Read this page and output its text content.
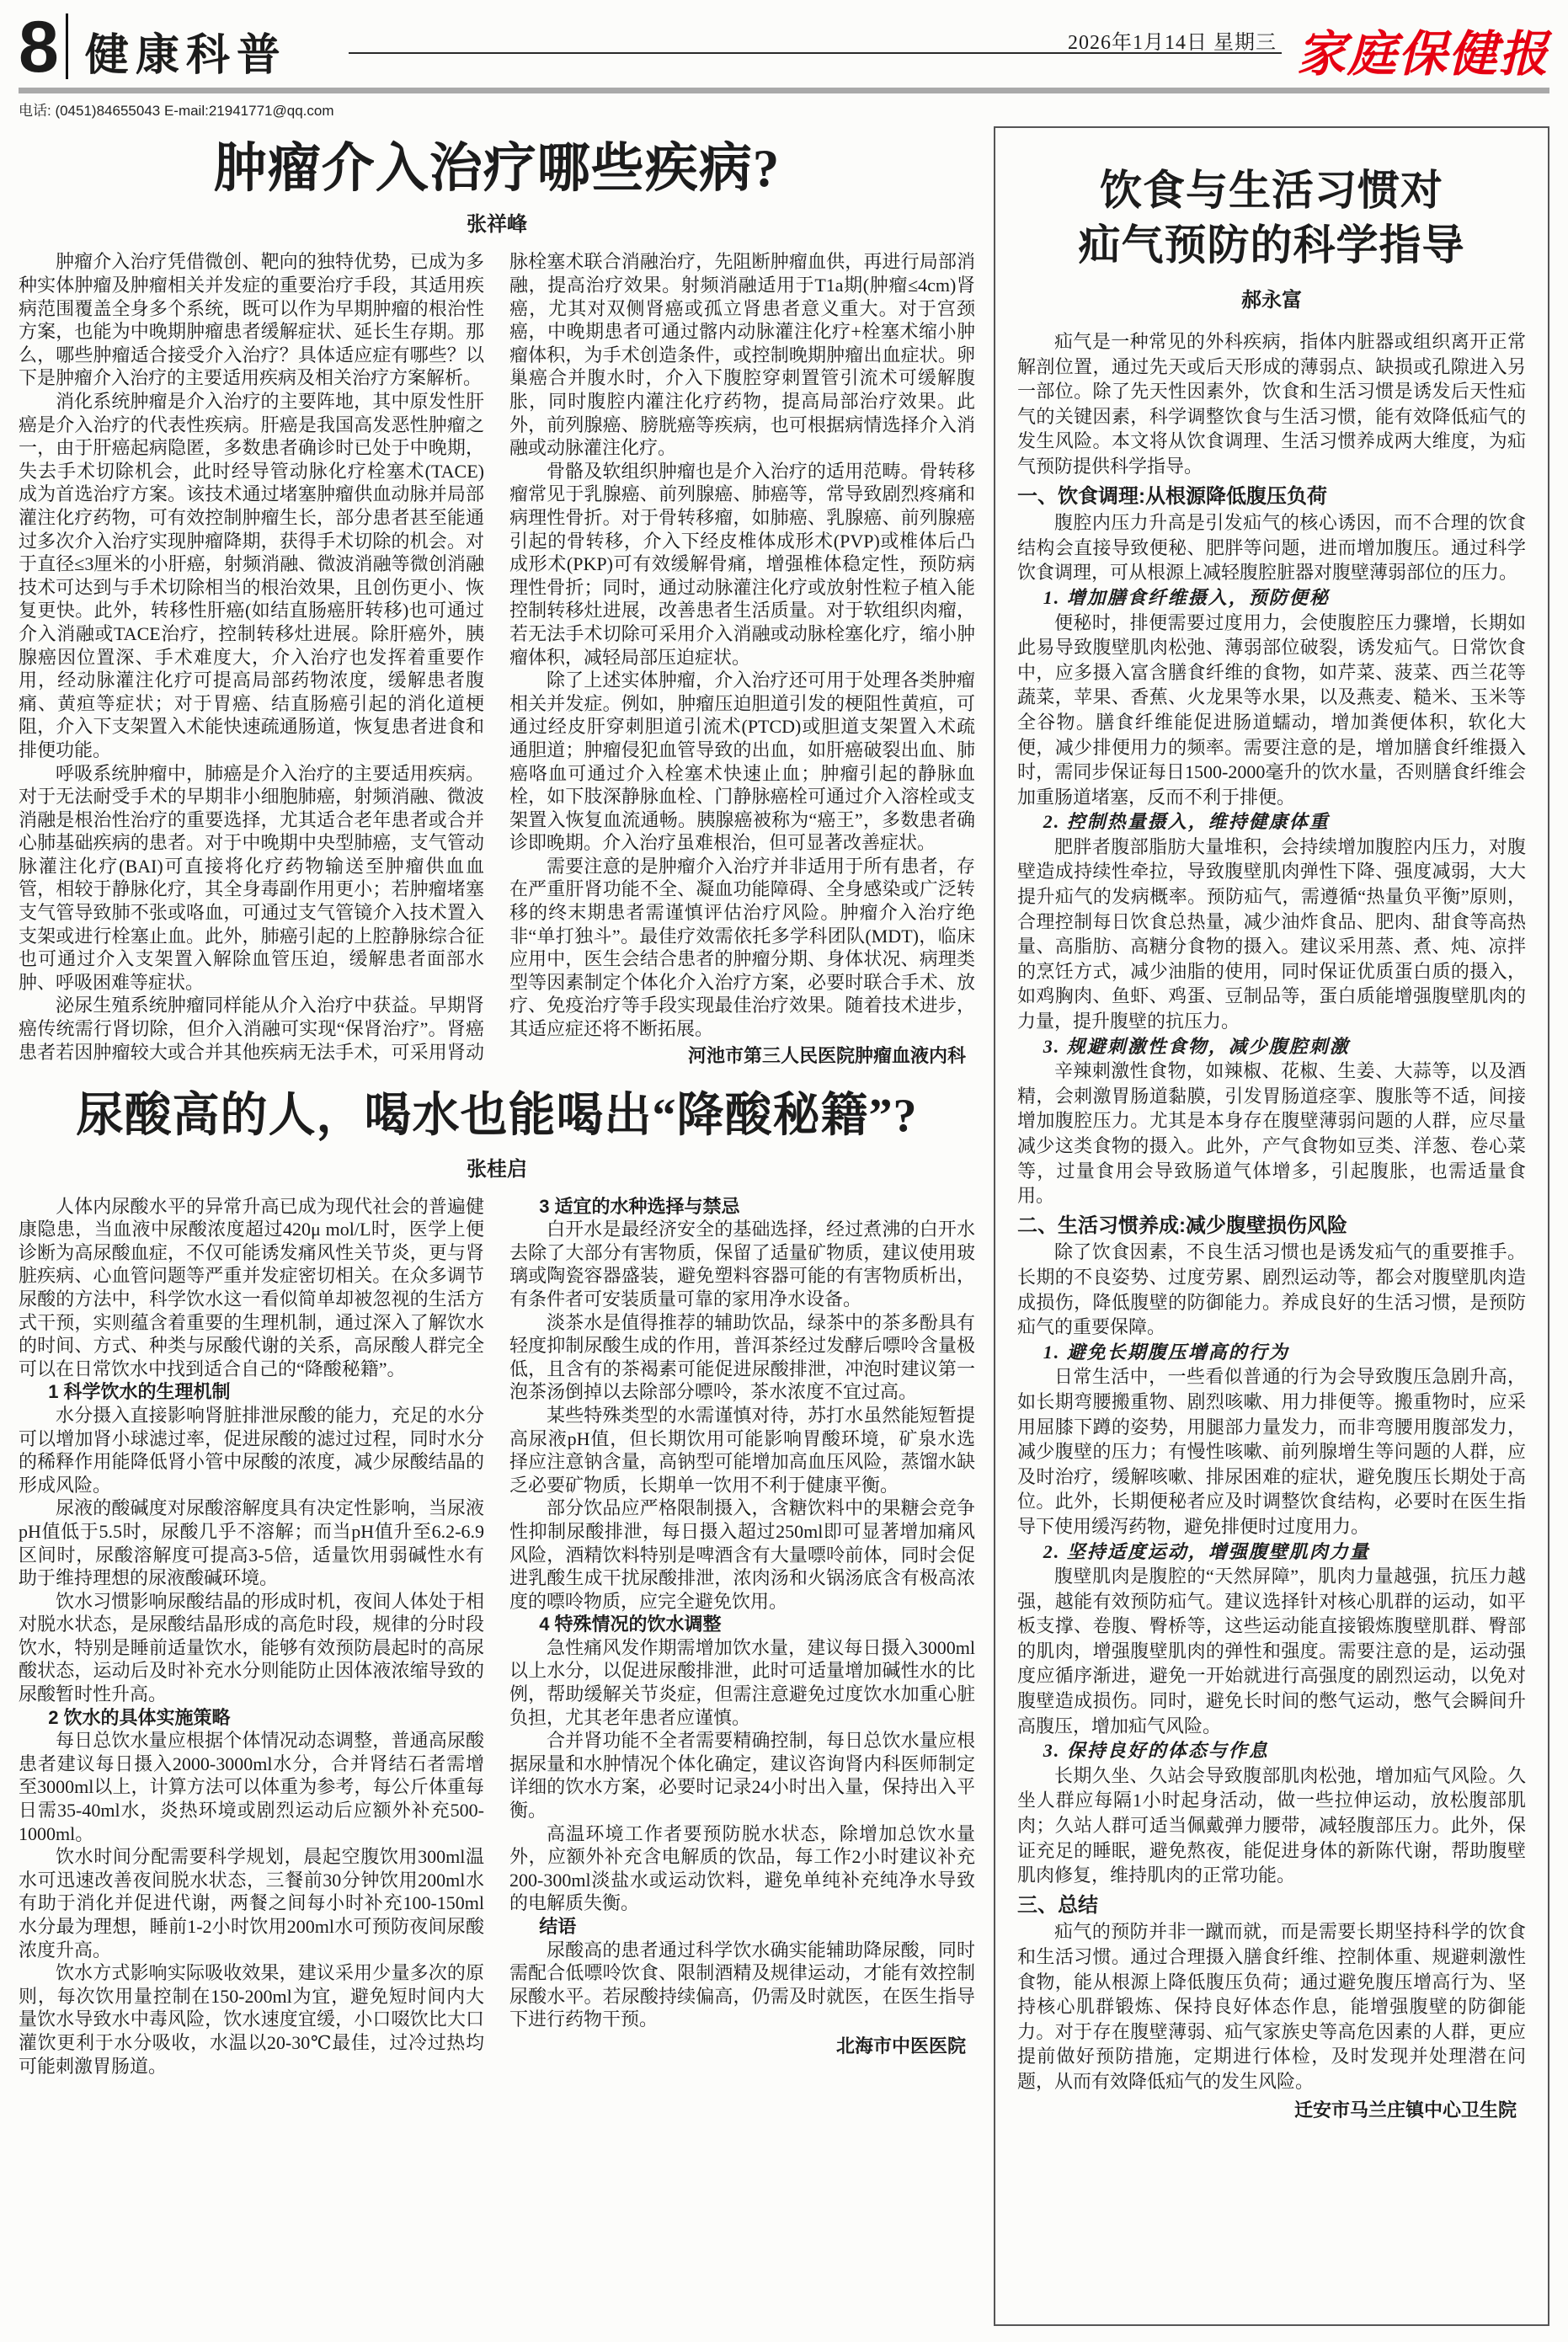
8 健康科普	2026年1月14日 星期三 家庭保健报
电话: (0451)84655043 E-mail:21941771@qq.com
肿瘤介入治疗哪些疾病?
张祥峰

肿瘤介入治疗凭借微创、靶向的独特优势，已成为多种实体肿瘤及肿瘤相关并发症的重要治疗手段，其适用疾病范围覆盖全身多个系统，既可以作为早期肿瘤的根治性方案，也能为中晚期肿瘤患者缓解症状、延长生存期。那么，哪些肿瘤适合接受介入治疗？具体适应症有哪些？以下是肿瘤介入治疗的主要适用疾病及相关治疗方案解析。

消化系统肿瘤是介入治疗的主要阵地，其中原发性肝癌是介入治疗的代表性疾病。肝癌是我国高发恶性肿瘤之一，由于肝癌起病隐匿，多数患者确诊时已处于中晚期，失去手术切除机会，此时经导管动脉化疗栓塞术(TACE)成为首选治疗方案。该技术通过堵塞肿瘤供血动脉并局部灌注化疗药物，可有效控制肿瘤生长，部分患者甚至能通过多次介入治疗实现肿瘤降期，获得手术切除的机会。对于直径≤3厘米的小肝癌，射频消融、微波消融等微创消融技术可达到与手术切除相当的根治效果，且创伤更小、恢复更快。此外，转移性肝癌(如结直肠癌肝转移)也可通过介入消融或TACE治疗，控制转移灶进展。除肝癌外，胰腺癌因位置深、手术难度大，介入治疗也发挥着重要作用，经动脉灌注化疗可提高局部药物浓度，缓解患者腹痛、黄疸等症状；对于胃癌、结直肠癌引起的消化道梗阻，介入下支架置入术能快速疏通肠道，恢复患者进食和排便功能。

呼吸系统肿瘤中，肺癌是介入治疗的主要适用疾病。对于无法耐受手术的早期非小细胞肺癌，射频消融、微波消融是根治性治疗的重要选择，尤其适合老年患者或合并心肺基础疾病的患者。对于中晚期中央型肺癌，支气管动脉灌注化疗(BAI)可直接将化疗药物输送至肿瘤供血血管，相较于静脉化疗，其全身毒副作用更小；若肿瘤堵塞支气管导致肺不张或咯血，可通过支气管镜介入技术置入支架或进行栓塞止血。此外，肺癌引起的上腔静脉综合征也可通过介入支架置入解除血管压迫，缓解患者面部水肿、呼吸困难等症状。

泌尿生殖系统肿瘤同样能从介入治疗中获益。早期肾癌传统需行肾切除，但介入消融可实现“保肾治疗”。肾癌患者若因肿瘤较大或合并其他疾病无法手术，可采用肾动脉栓塞术联合消融治疗，先阻断肿瘤血供，再进行局部消融，提高治疗效果。射频消融适用于T1a期(肿瘤≤4cm)肾癌，尤其对双侧肾癌或孤立肾患者意义重大。对于宫颈癌，中晚期患者可通过髂内动脉灌注化疗+栓塞术缩小肿瘤体积，为手术创造条件，或控制晚期肿瘤出血症状。卵巢癌合并腹水时，介入下腹腔穿刺置管引流术可缓解腹胀，同时腹腔内灌注化疗药物，提高局部治疗效果。此外，前列腺癌、膀胱癌等疾病，也可根据病情选择介入消融或动脉灌注化疗。

骨骼及软组织肿瘤也是介入治疗的适用范畴。骨转移瘤常见于乳腺癌、前列腺癌、肺癌等，常导致剧烈疼痛和病理性骨折。对于骨转移瘤，如肺癌、乳腺癌、前列腺癌引起的骨转移，介入下经皮椎体成形术(PVP)或椎体后凸成形术(PKP)可有效缓解骨痛，增强椎体稳定性，预防病理性骨折；同时，通过动脉灌注化疗或放射性粒子植入能控制转移灶进展，改善患者生活质量。对于软组织肉瘤，若无法手术切除可采用介入消融或动脉栓塞化疗，缩小肿瘤体积，减轻局部压迫症状。

除了上述实体肿瘤，介入治疗还可用于处理各类肿瘤相关并发症。例如，肿瘤压迫胆道引发的梗阻性黄疸，可通过经皮肝穿刺胆道引流术(PTCD)或胆道支架置入术疏通胆道；肿瘤侵犯血管导致的出血，如肝癌破裂出血、肺癌咯血可通过介入栓塞术快速止血；肿瘤引起的静脉血栓，如下肢深静脉血栓、门静脉癌栓可通过介入溶栓或支架置入恢复血流通畅。胰腺癌被称为“癌王”，多数患者确诊即晚期。介入治疗虽难根治，但可显著改善症状。

需要注意的是肿瘤介入治疗并非适用于所有患者，存在严重肝肾功能不全、凝血功能障碍、全身感染或广泛转移的终末期患者需谨慎评估治疗风险。肿瘤介入治疗绝非“单打独斗”。最佳疗效需依托多学科团队(MDT)，临床应用中，医生会结合患者的肿瘤分期、身体状况、病理类型等因素制定个体化介入治疗方案，必要时联合手术、放疗、免疫治疗等手段实现最佳治疗效果。随着技术进步，其适应症还将不断拓展。

河池市第三人民医院肿瘤血液内科

尿酸高的人，喝水也能喝出“降酸秘籍”?
张桂启

人体内尿酸水平的异常升高已成为现代社会的普遍健康隐患，当血液中尿酸浓度超过420μ mol/L时，医学上便诊断为高尿酸血症，不仅可能诱发痛风性关节炎，更与肾脏疾病、心血管问题等严重并发症密切相关。在众多调节尿酸的方法中，科学饮水这一看似简单却被忽视的生活方式干预，实则蕴含着重要的生理机制，通过深入了解饮水的时间、方式、种类与尿酸代谢的关系，高尿酸人群完全可以在日常饮水中找到适合自己的“降酸秘籍”。

1 科学饮水的生理机制

水分摄入直接影响肾脏排泄尿酸的能力，充足的水分可以增加肾小球滤过率，促进尿酸的滤过过程，同时水分的稀释作用能降低肾小管中尿酸的浓度，减少尿酸结晶的形成风险。

尿液的酸碱度对尿酸溶解度具有决定性影响，当尿液pH值低于5.5时，尿酸几乎不溶解；而当pH值升至6.2-6.9区间时，尿酸溶解度可提高3-5倍，适量饮用弱碱性水有助于维持理想的尿液酸碱环境。

饮水习惯影响尿酸结晶的形成时机，夜间人体处于相对脱水状态，是尿酸结晶形成的高危时段，规律的分时段饮水，特别是睡前适量饮水，能够有效预防晨起时的高尿酸状态，运动后及时补充水分则能防止因体液浓缩导致的尿酸暂时性升高。

2 饮水的具体实施策略

每日总饮水量应根据个体情况动态调整，普通高尿酸患者建议每日摄入2000-3000ml水分，合并肾结石者需增至3000ml以上，计算方法可以体重为参考，每公斤体重每日需35-40ml水，炎热环境或剧烈运动后应额外补充500-1000ml。

饮水时间分配需要科学规划，晨起空腹饮用300ml温水可迅速改善夜间脱水状态，三餐前30分钟饮用200ml水有助于消化并促进代谢，两餐之间每小时补充100-150ml水分最为理想，睡前1-2小时饮用200ml水可预防夜间尿酸浓度升高。

饮水方式影响实际吸收效果，建议采用少量多次的原则，每次饮用量控制在150-200ml为宜，避免短时间内大量饮水导致水中毒风险，饮水速度宜缓，小口啜饮比大口灌饮更利于水分吸收，水温以20-30℃最佳，过冷过热均可能刺激胃肠道。

3 适宜的水种选择与禁忌

白开水是最经济安全的基础选择，经过煮沸的白开水去除了大部分有害物质，保留了适量矿物质，建议使用玻璃或陶瓷容器盛装，避免塑料容器可能的有害物质析出，有条件者可安装质量可靠的家用净水设备。

淡茶水是值得推荐的辅助饮品，绿茶中的茶多酚具有轻度抑制尿酸生成的作用，普洱茶经过发酵后嘌呤含量极低，且含有的茶褐素可能促进尿酸排泄，冲泡时建议第一泡茶汤倒掉以去除部分嘌呤，茶水浓度不宜过高。

某些特殊类型的水需谨慎对待，苏打水虽然能短暂提高尿液pH值，但长期饮用可能影响胃酸环境，矿泉水选择应注意钠含量，高钠型可能增加高血压风险，蒸馏水缺乏必要矿物质，长期单一饮用不利于健康平衡。

部分饮品应严格限制摄入，含糖饮料中的果糖会竞争性抑制尿酸排泄，每日摄入超过250ml即可显著增加痛风风险，酒精饮料特别是啤酒含有大量嘌呤前体，同时会促进乳酸生成干扰尿酸排泄，浓肉汤和火锅汤底含有极高浓度的嘌呤物质，应完全避免饮用。

4 特殊情况的饮水调整

急性痛风发作期需增加饮水量，建议每日摄入3000ml以上水分，以促进尿酸排泄，此时可适量增加碱性水的比例，帮助缓解关节炎症，但需注意避免过度饮水加重心脏负担，尤其老年患者应谨慎。

合并肾功能不全者需要精确控制，每日总饮水量应根据尿量和水肿情况个体化确定，建议咨询肾内科医师制定详细的饮水方案，必要时记录24小时出入量，保持出入平衡。

高温环境工作者要预防脱水状态，除增加总饮水量外，应额外补充含电解质的饮品，每工作2小时建议补充200-300ml淡盐水或运动饮料，避免单纯补充纯净水导致的电解质失衡。

结语

尿酸高的患者通过科学饮水确实能辅助降尿酸，同时需配合低嘌呤饮食、限制酒精及规律运动，才能有效控制尿酸水平。若尿酸持续偏高，仍需及时就医，在医生指导下进行药物干预。

北海市中医医院

饮食与生活习惯对
疝气预防的科学指导
郝永富

疝气是一种常见的外科疾病，指体内脏器或组织离开正常解剖位置，通过先天或后天形成的薄弱点、缺损或孔隙进入另一部位。除了先天性因素外，饮食和生活习惯是诱发后天性疝气的关键因素，科学调整饮食与生活习惯，能有效降低疝气的发生风险。本文将从饮食调理、生活习惯养成两大维度，为疝气预防提供科学指导。

一、饮食调理:从根源降低腹压负荷

腹腔内压力升高是引发疝气的核心诱因，而不合理的饮食结构会直接导致便秘、肥胖等问题，进而增加腹压。通过科学饮食调理，可从根源上减轻腹腔脏器对腹壁薄弱部位的压力。

1. 增加膳食纤维摄入，预防便秘

便秘时，排便需要过度用力，会使腹腔压力骤增，长期如此易导致腹壁肌肉松弛、薄弱部位破裂，诱发疝气。日常饮食中，应多摄入富含膳食纤维的食物，如芹菜、菠菜、西兰花等蔬菜，苹果、香蕉、火龙果等水果，以及燕麦、糙米、玉米等全谷物。膳食纤维能促进肠道蠕动，增加粪便体积，软化大便，减少排便用力的频率。需要注意的是，增加膳食纤维摄入时，需同步保证每日1500-2000毫升的饮水量，否则膳食纤维会加重肠道堵塞，反而不利于排便。

2. 控制热量摄入，维持健康体重

肥胖者腹部脂肪大量堆积，会持续增加腹腔内压力，对腹壁造成持续性牵拉，导致腹壁肌肉弹性下降、强度减弱，大大提升疝气的发病概率。预防疝气，需遵循“热量负平衡”原则，合理控制每日饮食总热量，减少油炸食品、肥肉、甜食等高热量、高脂肪、高糖分食物的摄入。建议采用蒸、煮、炖、凉拌的烹饪方式，减少油脂的使用，同时保证优质蛋白质的摄入，如鸡胸肉、鱼虾、鸡蛋、豆制品等，蛋白质能增强腹壁肌肉的力量，提升腹壁的抗压力。

3. 规避刺激性食物，减少腹腔刺激

辛辣刺激性食物，如辣椒、花椒、生姜、大蒜等，以及酒精，会刺激胃肠道黏膜，引发胃肠道痉挛、腹胀等不适，间接增加腹腔压力。尤其是本身存在腹壁薄弱问题的人群，应尽量减少这类食物的摄入。此外，产气食物如豆类、洋葱、卷心菜等，过量食用会导致肠道气体增多，引起腹胀，也需适量食用。

二、生活习惯养成:减少腹壁损伤风险

除了饮食因素，不良生活习惯也是诱发疝气的重要推手。长期的不良姿势、过度劳累、剧烈运动等，都会对腹壁肌肉造成损伤，降低腹壁的防御能力。养成良好的生活习惯，是预防疝气的重要保障。

1. 避免长期腹压增高的行为

日常生活中，一些看似普通的行为会导致腹压急剧升高，如长期弯腰搬重物、剧烈咳嗽、用力排便等。搬重物时，应采用屈膝下蹲的姿势，用腿部力量发力，而非弯腰用腹部发力，减少腹壁的压力；有慢性咳嗽、前列腺增生等问题的人群，应及时治疗，缓解咳嗽、排尿困难的症状，避免腹压长期处于高位。此外，长期便秘者应及时调整饮食结构，必要时在医生指导下使用缓泻药物，避免排便时过度用力。

2. 坚持适度运动，增强腹壁肌肉力量

腹壁肌肉是腹腔的“天然屏障”，肌肉力量越强，抗压力越强，越能有效预防疝气。建议选择针对核心肌群的运动，如平板支撑、卷腹、臀桥等，这些运动能直接锻炼腹壁肌群、臀部的肌肉，增强腹壁肌肉的弹性和强度。需要注意的是，运动强度应循序渐进，避免一开始就进行高强度的剧烈运动，以免对腹壁造成损伤。同时，避免长时间的憋气运动，憋气会瞬间升高腹压，增加疝气风险。

3. 保持良好的体态与作息

长期久坐、久站会导致腹部肌肉松弛，增加疝气风险。久坐人群应每隔1小时起身活动，做一些拉伸运动，放松腹部肌肉；久站人群可适当佩戴弹力腰带，减轻腹部压力。此外，保证充足的睡眠，避免熬夜，能促进身体的新陈代谢，帮助腹壁肌肉修复，维持肌肉的正常功能。

三、总结

疝气的预防并非一蹴而就，而是需要长期坚持科学的饮食和生活习惯。通过合理摄入膳食纤维、控制体重、规避刺激性食物，能从根源上降低腹压负荷；通过避免腹压增高行为、坚持核心肌群锻炼、保持良好体态作息，能增强腹壁的防御能力。对于存在腹壁薄弱、疝气家族史等高危因素的人群，更应提前做好预防措施，定期进行体检，及时发现并处理潜在问题，从而有效降低疝气的发生风险。

迁安市马兰庄镇中心卫生院
